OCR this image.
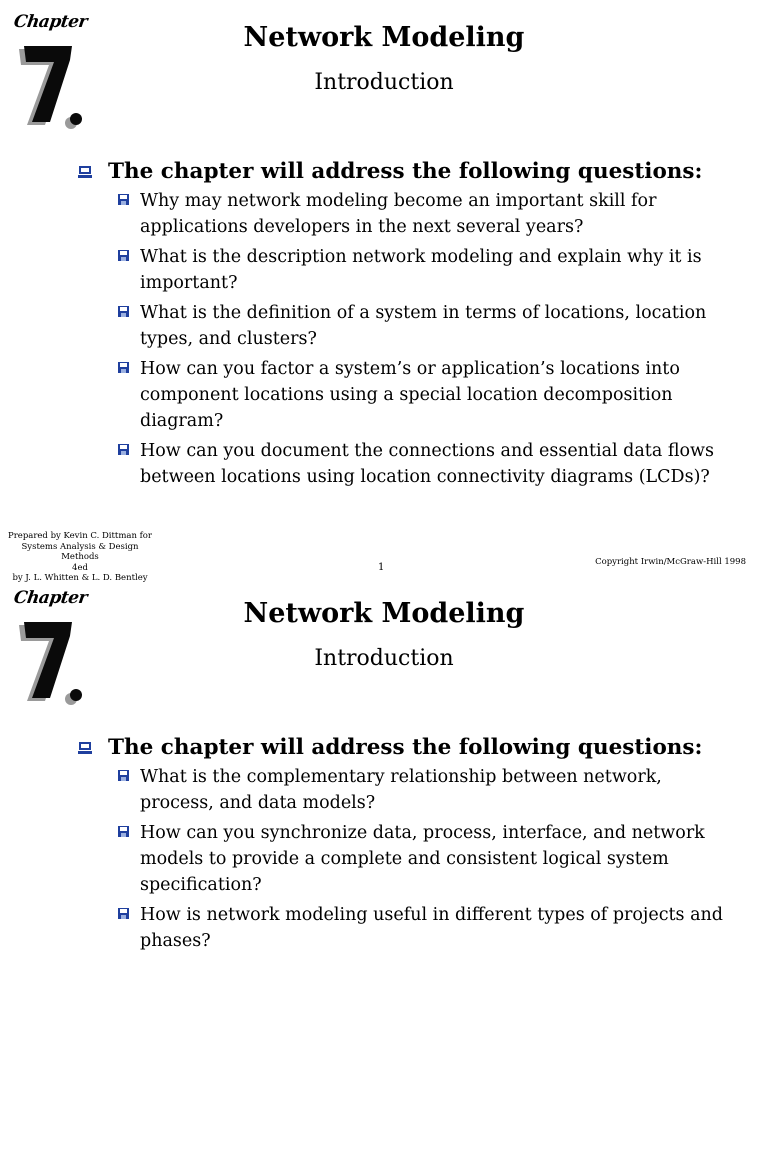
Chapter	Network Modeling
Introduction
The chapter will address the following questions:
Why may network modeling become an important skill for applications developers in the next several years?
What is the description network modeling and explain why it is important?
What is the definition of a system in terms of locations, location types, and clusters?
How can you factor a system’s or application’s locations into component locations using a special location decomposition diagram?
How can you document the connections and essential data flows between locations using location connectivity diagrams (LCDs)?
Prepared by Kevin C. Dittman for
Systems Analysis & Design Methods
4ed
by J. L. Whitten & L. D. Bentley
1	Copyright Irwin/McGraw-Hill 1998
Chapter	Network Modeling
Introduction
The chapter will address the following questions:
What is the complementary relationship between network, process, and data models?
How can you synchronize data, process, interface, and network models to provide a complete and consistent logical system specification?
How is network modeling useful in different types of projects and phases?
